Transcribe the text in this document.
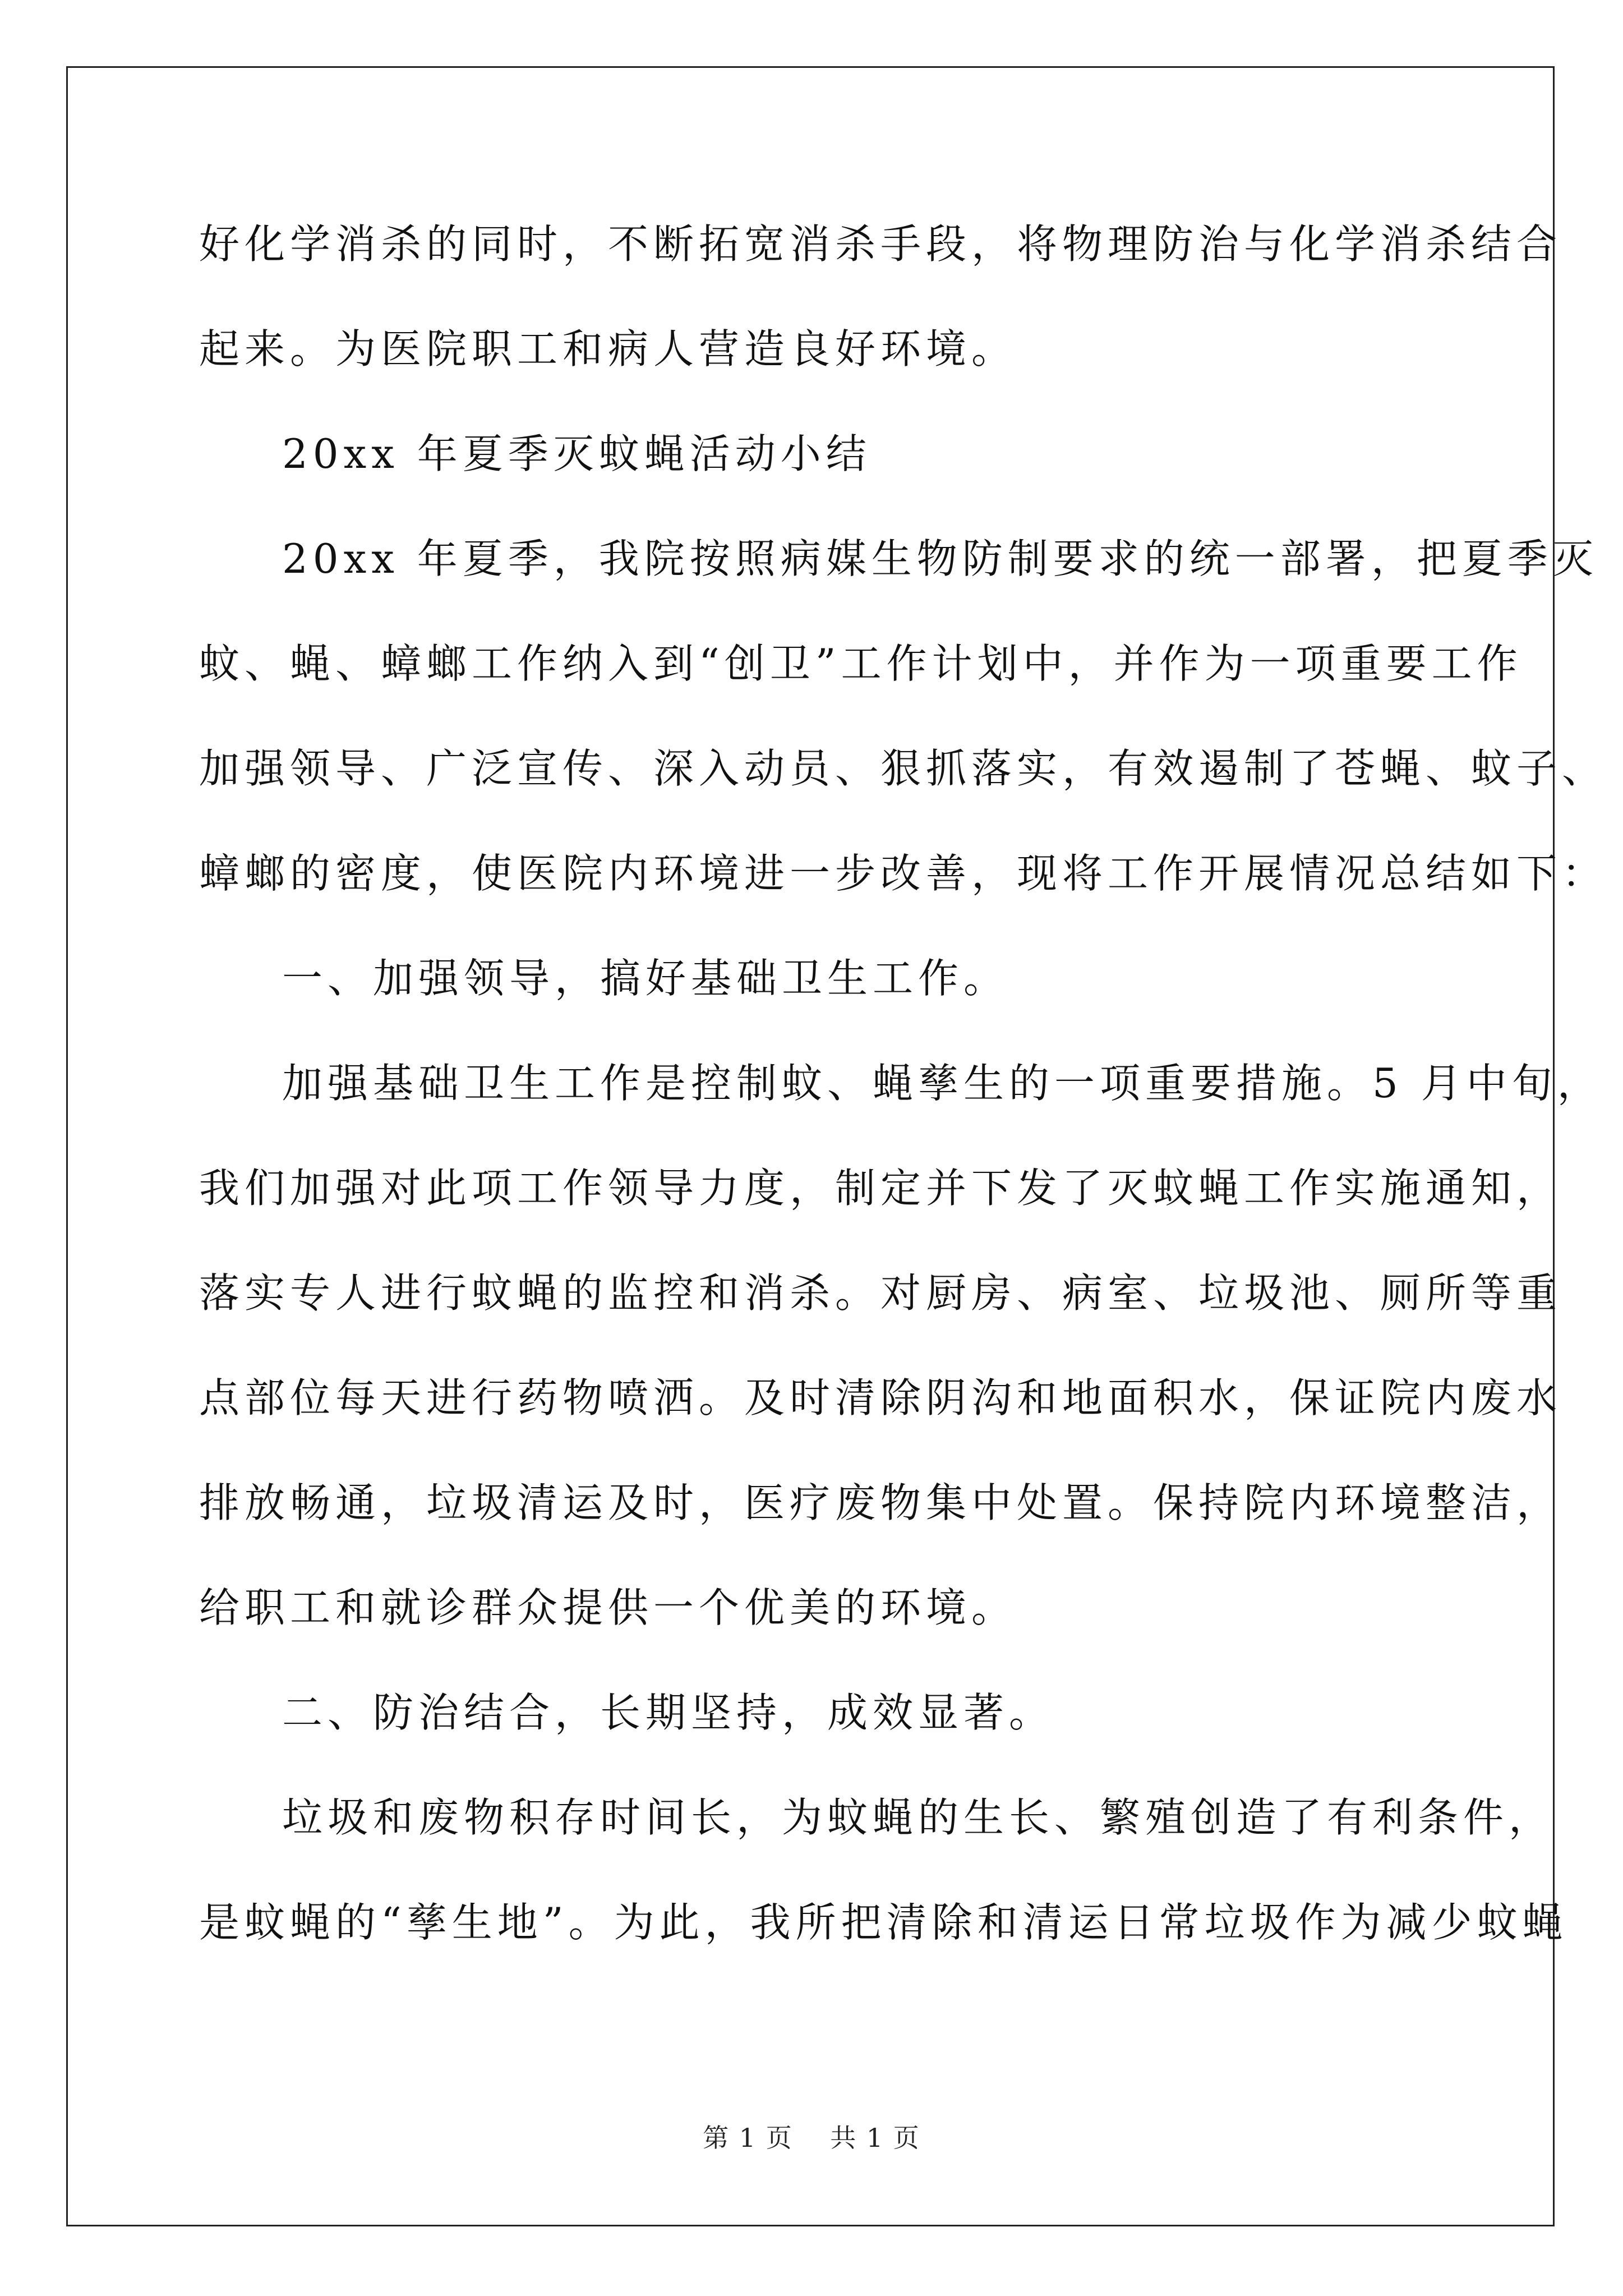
好化学消杀的同时，不断拓宽消杀手段，将物理防治与化学消杀结合

起来。为医院职工和病人营造良好环境。

20xx 年夏季灭蚊蝇活动小结

20xx 年夏季，我院按照病媒生物防制要求的统一部署，把夏季灭

蚊、蝇、蟑螂工作纳入到“创卫”工作计划中，并作为一项重要工作

加强领导、广泛宣传、深入动员、狠抓落实，有效遏制了苍蝇、蚊子、

蟑螂的密度，使医院内环境进一步改善，现将工作开展情况总结如下：

一、加强领导，搞好基础卫生工作。

加强基础卫生工作是控制蚊、蝇孳生的一项重要措施。5 月中旬，

我们加强对此项工作领导力度，制定并下发了灭蚊蝇工作实施通知，

落实专人进行蚊蝇的监控和消杀。对厨房、病室、垃圾池、厕所等重

点部位每天进行药物喷洒。及时清除阴沟和地面积水，保证院内废水

排放畅通，垃圾清运及时，医疗废物集中处置。保持院内环境整洁，

给职工和就诊群众提供一个优美的环境。

二、防治结合，长期坚持，成效显著。

垃圾和废物积存时间长，为蚊蝇的生长、繁殖创造了有利条件，

是蚊蝇的“孳生地”。为此，我所把清除和清运日常垃圾作为减少蚊蝇

第 1 页    共 1 页
